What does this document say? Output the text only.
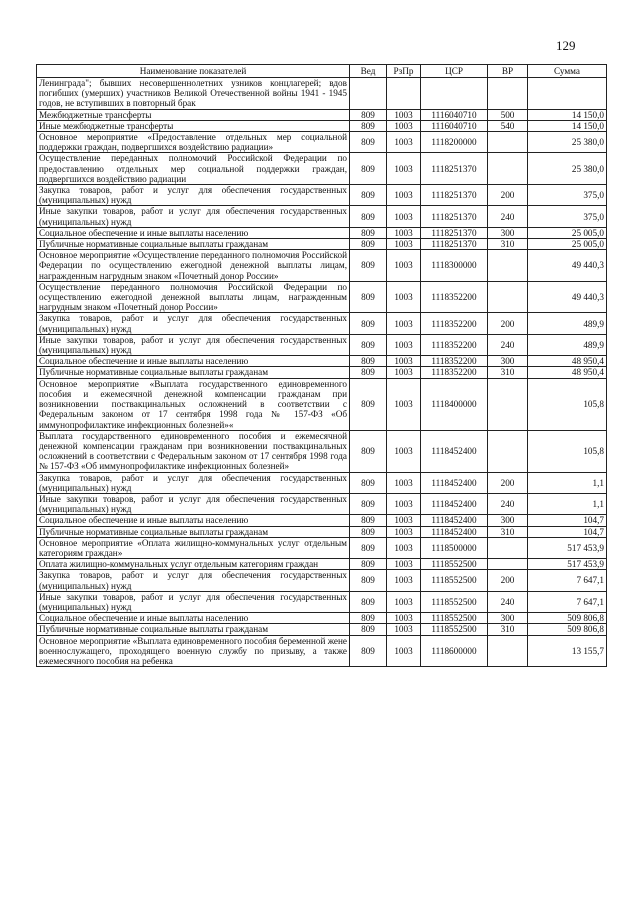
129
Наименование показателей	Вед	РзПр	ЦСР	ВР	Сумма
Ленинграда"; бывших несовершеннолетних узников концлагерей; вдов погибших (умерших) участников Великой Отечественной войны 1941 - 1945 годов, не вступивших в повторный брак					
Межбюджетные трансферты	809	1003	1116040710	500	14 150,0
Иные межбюджетные трансферты	809	1003	1116040710	540	14 150,0
Основное мероприятие «Предоставление отдельных мер социальной поддержки граждан, подвергшихся воздействию радиации»	809	1003	1118200000		25 380,0
Осуществление переданных полномочий Российской Федерации по предоставлению отдельных мер социальной поддержки граждан, подвергшихся воздействию радиации	809	1003	1118251370		25 380,0
Закупка товаров, работ и услуг для обеспечения государственных (муниципальных) нужд	809	1003	1118251370	200	375,0
Иные закупки товаров, работ и услуг для обеспечения государственных (муниципальных) нужд	809	1003	1118251370	240	375,0
Социальное обеспечение и иные выплаты населению	809	1003	1118251370	300	25 005,0
Публичные нормативные социальные выплаты гражданам	809	1003	1118251370	310	25 005,0
Основное мероприятие «Осуществление переданного полномочия Российской Федерации по осуществлению ежегодной денежной выплаты лицам, награжденным нагрудным знаком «Почетный донор России»	809	1003	1118300000		49 440,3
Осуществление переданного полномочия Российской Федерации по осуществлению ежегодной денежной выплаты лицам, награжденным нагрудным знаком «Почетный донор России»	809	1003	1118352200		49 440,3
Закупка товаров, работ и услуг для обеспечения государственных (муниципальных) нужд	809	1003	1118352200	200	489,9
Иные закупки товаров, работ и услуг для обеспечения государственных (муниципальных) нужд	809	1003	1118352200	240	489,9
Социальное обеспечение и иные выплаты населению	809	1003	1118352200	300	48 950,4
Публичные нормативные социальные выплаты гражданам	809	1003	1118352200	310	48 950,4
Основное мероприятие «Выплата государственного единовременного пособия и ежемесячной денежной компенсации гражданам при возникновении поствакцинальных осложнений в соответствии с Федеральным законом от 17 сентября 1998 года № 157-ФЗ «Об иммунопрофилактике инфекционных болезней»«	809	1003	1118400000		105,8
Выплата государственного единовременного пособия и ежемесячной денежной компенсации гражданам при возникновении поствакцинальных осложнений в соответствии с Федеральным законом от 17 сентября 1998 года № 157-ФЗ «Об иммунопрофилактике инфекционных болезней»	809	1003	1118452400		105,8
Закупка товаров, работ и услуг для обеспечения государственных (муниципальных) нужд	809	1003	1118452400	200	1,1
Иные закупки товаров, работ и услуг для обеспечения государственных (муниципальных) нужд	809	1003	1118452400	240	1,1
Социальное обеспечение и иные выплаты населению	809	1003	1118452400	300	104,7
Публичные нормативные социальные выплаты гражданам	809	1003	1118452400	310	104,7
Основное мероприятие «Оплата жилищно-коммунальных услуг отдельным категориям граждан»	809	1003	1118500000		517 453,9
Оплата жилищно-коммунальных услуг отдельным категориям граждан	809	1003	1118552500		517 453,9
Закупка товаров, работ и услуг для обеспечения государственных (муниципальных) нужд	809	1003	1118552500	200	7 647,1
Иные закупки товаров, работ и услуг для обеспечения государственных (муниципальных) нужд	809	1003	1118552500	240	7 647,1
Социальное обеспечение и иные выплаты населению	809	1003	1118552500	300	509 806,8
Публичные нормативные социальные выплаты гражданам	809	1003	1118552500	310	509 806,8
Основное мероприятие «Выплата единовременного пособия беременной жене военнослужащего, проходящего военную службу по призыву, а также ежемесячного пособия на ребенка	809	1003	1118600000		13 155,7
